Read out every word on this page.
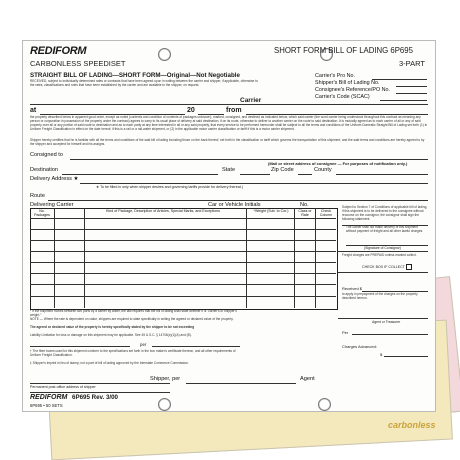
carbonless
REDIFORM
CARBONLESS SPEEDISET
SHORT FORM BILL OF LADING 6P695
3-PART
STRAIGHT BILL OF LADING—SHORT FORM—Original—Not Negotiable	Carrier's Pro No.
Shipper's Bill of Lading No.
Consignee's Reference/PO No.
Carrier's Code (SCAC)
RECEIVED, subject to individually determined rates or contracts that have been agreed upon in writing between the carrier and shipper, if applicable, otherwise to the rates, classifications and rules that have been established by the carrier and are available to the shipper, on request.
Carrier
at	20	from
the property described below in apparent good order, except as noted (contents and condition of contents of packages unknown), marked, consigned, and destined as indicated below, which said carrier (the word carrier being understood throughout this contract as meaning any person or corporation in possession of the property under the contract) agrees to carry to its usual place of delivery at said destination, if on its route, otherwise to deliver to another carrier on the route to said destination. It is mutually agreed as to each carrier of all or any of said property over all or any portion of said route to destination and as to each party at any time interested in all or any said property, that every service to be performed hereunder shall be subject to all the terms and conditions of the Uniform Domestic Straight Bill of Lading set forth (1) in Uniform Freight Classification in effect on the date hereof, if this is a rail or a rail-water shipment, or (2) in the applicable motor carrier classification or tariff if this is a motor carrier shipment.
Shipper hereby certifies that he is familiar with all the terms and conditions of the said bill of lading including those on the back thereof, set forth in the classification or tariff which governs the transportation of this shipment, and the said terms and conditions are hereby agreed to by the shipper and accepted for himself and his assigns.
Consigned to
(Mail or street address of consignee — For purposes of notification only.)
Destination	State	Zip Code	County
Delivery Address ★
★ To be filled in only when shipper desires and governing tariffs provide for delivery thereat.)
Route
Delivering Carrier	Car or Vehicle Initials	No.
No. Packages
Kind of Package, Description of Articles, Special Marks, and Exceptions	*Weight (Sub. to Cor.)	Class or Rate
Check Column
Subject to Section 7 of Conditions of applicable bill of lading, if this shipment is to be delivered to the consignee without recourse on the consignor, the consignor shall sign the following statement:
The carrier shall not make delivery of this shipment without payment of freight and all other lawful charges.
(Signature of Consignor)
Freight charges are PREPAID unless marked collect.
CHECK BOX IF COLLECT
Received $
to apply in prepayment of the charges on the property described hereon.
Agent or Treasurer
Per
Charges Advanced:
$
* If the shipment moves between two ports by a carrier by water, the law requires that the bill of lading shall state whether it is "carrier's or shipper's weight."
NOTE — Where the rate is dependent on value, shippers are required to state specifically in writing the agreed or declared value of the property.
The agreed or declared value of the property is hereby specifically stated by the shipper to be not exceeding
Liability Limitation for loss or damage on this shipment may be applicable. See 49 U.S.C. § 14706(c)(1)(A) and (B).
per
† The fibre boxes used for this shipment conform to the specifications set forth in the box maker's certificate thereon, and all other requirements of Uniform Freight Classification.
‡ Shipper's imprint in lieu of stamp; not a part of bill of lading approved by the Interstate Commerce Commission.
Shipper, per	Agent
Permanent post-office address of shipper
REDIFORM 6P695 Rev. 3/00
6P695 • 50 SETS
